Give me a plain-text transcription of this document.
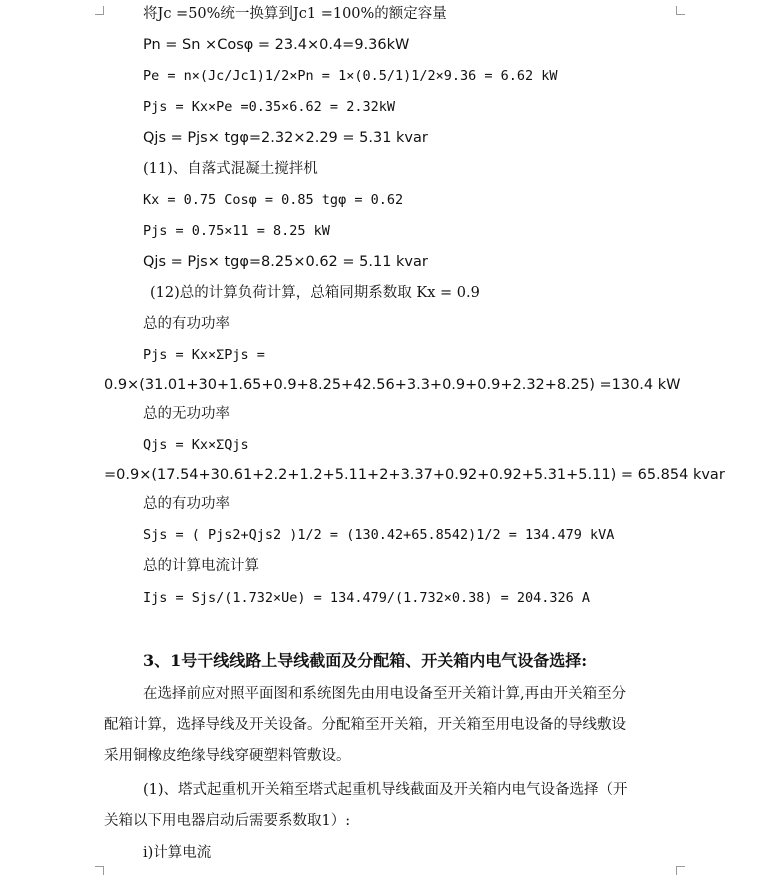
将Jc =50%统一换算到Jc1 =100%的额定容量
Pn = Sn ×Cosφ = 23.4×0.4=9.36kW
Pe = n×(Jc/Jc1)1/2×Pn = 1×(0.5/1)1/2×9.36 = 6.62 kW
Pjs = Kx×Pe =0.35×6.62 = 2.32kW
Qjs = Pjs× tgφ=2.32×2.29 = 5.31 kvar
(11)、自落式混凝土搅拌机
Kx = 0.75 Cosφ = 0.85 tgφ = 0.62
Pjs = 0.75×11 = 8.25 kW
Qjs = Pjs× tgφ=8.25×0.62 = 5.11 kvar
(12)总的计算负荷计算，总箱同期系数取 Kx = 0.9
总的有功功率
Pjs = Kx×ΣPjs =
0.9×(31.01+30+1.65+0.9+8.25+42.56+3.3+0.9+0.9+2.32+8.25) =130.4 kW
总的无功功率
Qjs = Kx×ΣQjs
=0.9×(17.54+30.61+2.2+1.2+5.11+2+3.37+0.92+0.92+5.31+5.11) = 65.854 kvar
总的有功功率
Sjs = ( Pjs2+Qjs2 )1/2 = (130.42+65.8542)1/2 = 134.479 kVA
总的计算电流计算
Ijs = Sjs/(1.732×Ue) = 134.479/(1.732×0.38) = 204.326 A
3、1号干线线路上导线截面及分配箱、开关箱内电气设备选择:
在选择前应对照平面图和系统图先由用电设备至开关箱计算,再由开关箱至分
配箱计算，选择导线及开关设备。分配箱至开关箱，开关箱至用电设备的导线敷设
采用铜橡皮绝缘导线穿硬塑料管敷设。
(1)、塔式起重机开关箱至塔式起重机导线截面及开关箱内电气设备选择（开
关箱以下用电器启动后需要系数取1）:
i)计算电流
